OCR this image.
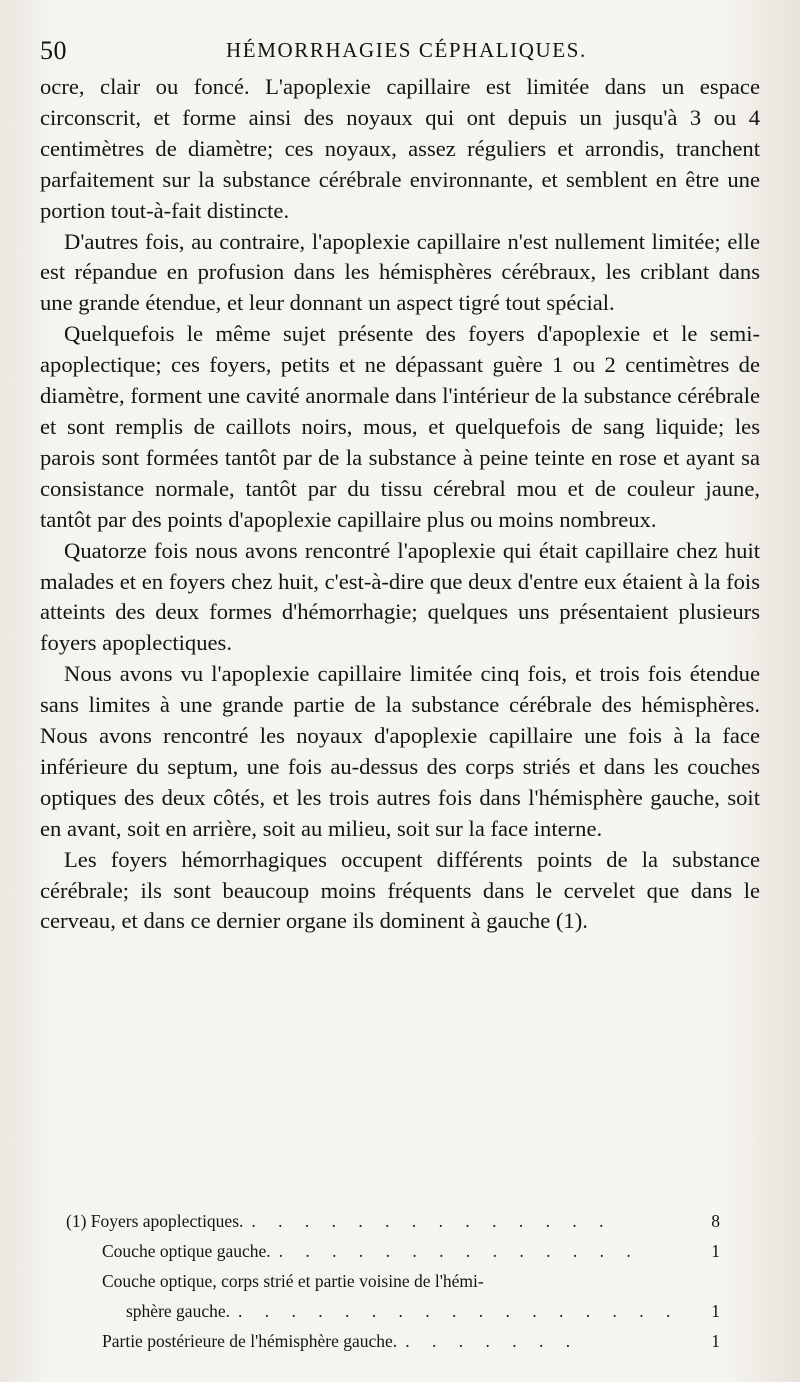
50	HÉMORRHAGIES CÉPHALIQUES.

ocre, clair ou foncé. L'apoplexie capillaire est limitée dans un espace circonscrit, et forme ainsi des noyaux qui ont depuis un jusqu'à 3 ou 4 centimètres de diamètre; ces noyaux, assez réguliers et arrondis, tranchent parfaitement sur la substance cérébrale environnante, et semblent en être une portion tout-à-fait distincte.

D'autres fois, au contraire, l'apoplexie capillaire n'est nullement limitée; elle est répandue en profusion dans les hémisphères cérébraux, les criblant dans une grande étendue, et leur donnant un aspect tigré tout spécial.

Quelquefois le même sujet présente des foyers d'apoplexie et le semi-apoplectique; ces foyers, petits et ne dépassant guère 1 ou 2 centimètres de diamètre, forment une cavité anormale dans l'intérieur de la substance cérébrale et sont remplis de caillots noirs, mous, et quelquefois de sang liquide; les parois sont formées tantôt par de la substance à peine teinte en rose et ayant sa consistance normale, tantôt par du tissu cérebral mou et de couleur jaune, tantôt par des points d'apoplexie capillaire plus ou moins nombreux.

Quatorze fois nous avons rencontré l'apoplexie qui était capillaire chez huit malades et en foyers chez huit, c'est-à-dire que deux d'entre eux étaient à la fois atteints des deux formes d'hémorrhagie; quelques uns présentaient plusieurs foyers apoplectiques.

Nous avons vu l'apoplexie capillaire limitée cinq fois, et trois fois étendue sans limites à une grande partie de la substance cérébrale des hémisphères. Nous avons rencontré les noyaux d'apoplexie capillaire une fois à la face inférieure du septum, une fois au-dessus des corps striés et dans les couches optiques des deux côtés, et les trois autres fois dans l'hémisphère gauche, soit en avant, soit en arrière, soit au milieu, soit sur la face interne.

Les foyers hémorrhagiques occupent différents points de la substance cérébrale; ils sont beaucoup moins fréquents dans le cervelet que dans le cerveau, et dans ce dernier organe ils dominent à gauche (1).

(1) Foyers apoplectiques. . . . . . . . . . . . . . .	8
Couche optique gauche. . . . . . . . . . . . . . .	1
Couche optique, corps strié et partie voisine de l'hémi-
sphère gauche. . . . . . . . . . . . . . . . . .	1
Partie postérieure de l'hémisphère gauche. . . . . . . .	1
